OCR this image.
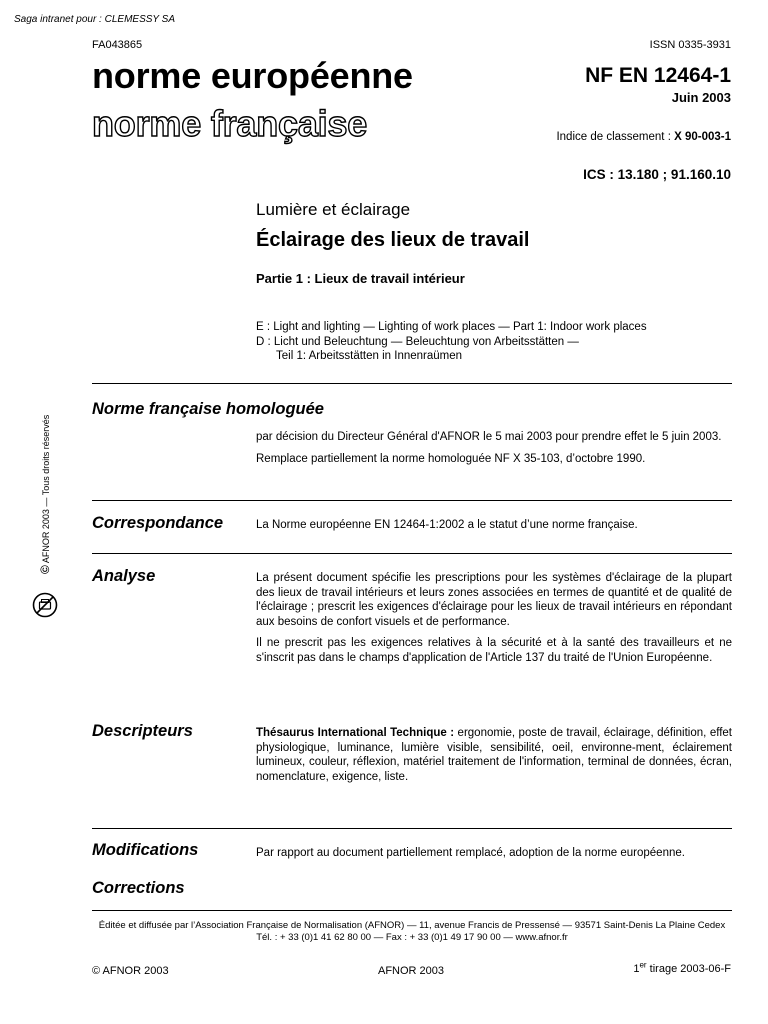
Saga intranet pour : CLEMESSY SA
FA043865	ISSN 0335-3931
norme européenne
norme française
NF EN 12464-1
Juin 2003
Indice de classement : X 90-003-1
ICS : 13.180 ; 91.160.10
Lumière et éclairage
Éclairage des lieux de travail
Partie 1 : Lieux de travail intérieur
E : Light and lighting — Lighting of work places — Part 1: Indoor work places
D : Licht und Beleuchtung — Beleuchtung von Arbeitsstätten —
Teil 1: Arbeitsstätten in Innenraümen
Norme française homologuée

par décision du Directeur Général d'AFNOR le 5 mai 2003 pour prendre effet le 5 juin 2003.

Remplace partiellement la norme homologuée NF X 35-103, d’octobre 1990.

Correspondance	La Norme européenne EN 12464-1:2002 a le statut d’une norme française.

Analyse	La présent document spécifie les prescriptions pour les systèmes d'éclairage de la plupart des lieux de travail intérieurs et leurs zones associées en termes de quantité et de qualité de l'éclairage ; prescrit les exigences d'éclairage pour les lieux de travail intérieurs en répondant aux besoins de confort visuels et de performance.

Il ne prescrit pas les exigences relatives à la sécurité et à la santé des travailleurs et ne s'inscrit pas dans le champs d'application de l'Article 137 du traité de l'Union Européenne.

Descripteurs	Thésaurus International Technique : ergonomie, poste de travail, éclairage, définition, effet physiologique, luminance, lumière visible, sensibilité, oeil, environne-ment, éclairement lumineux, couleur, réflexion, matériel traitement de l'information, terminal de données, écran, nomenclature, exigence, liste.

Modifications	Par rapport au document partiellement remplacé, adoption de la norme européenne.

Corrections
Éditée et diffusée par l’Association Française de Normalisation (AFNOR) — 11, avenue Francis de Pressensé — 93571 Saint-Denis La Plaine Cedex
Tél. : + 33 (0)1 41 62 80 00 — Fax : + 33 (0)1 49 17 90 00 — www.afnor.fr
© AFNOR 2003	AFNOR 2003	1er tirage 2003-06-F
© AFNOR 2003 — Tous droits réservés
